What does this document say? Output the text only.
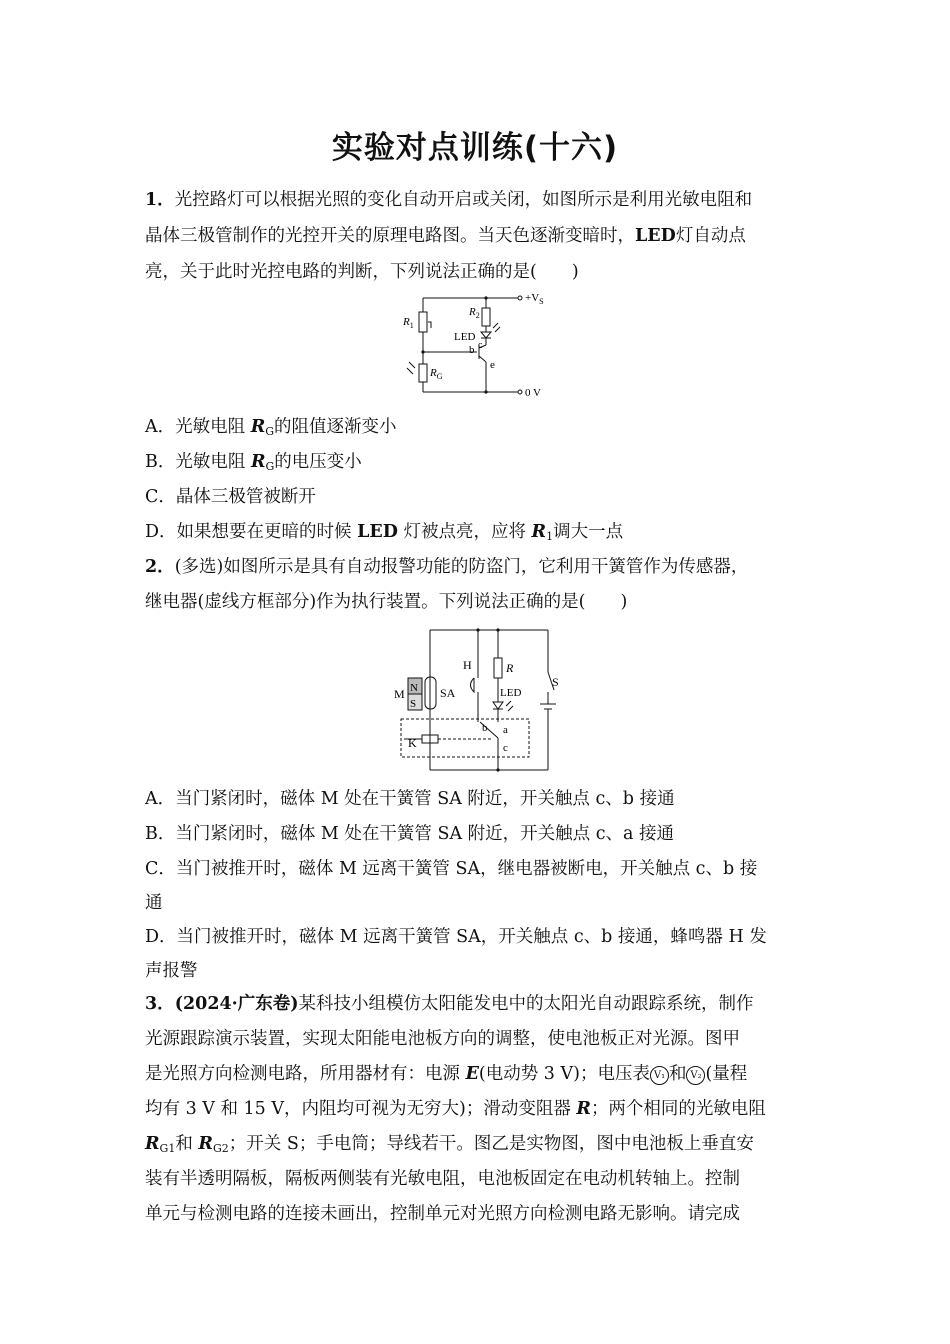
实验对点训练(十六)
1．光控路灯可以根据光照的变化自动开启或关闭，如图所示是利用光敏电阻和
晶体三极管制作的光控开关的原理电路图。当天色逐渐变暗时，LED灯自动点
亮，关于此时光控电路的判断，下列说法正确的是(　　)
$+V_S$
$R_1$
$R_2$
LED
b c
e
$R_G$
0 V
A．光敏电阻 $R_G$的阻值逐渐变小
B．光敏电阻 $R_G$的电压变小
C．晶体三极管被断开
D．如果想要在更暗的时候 LED 灯被点亮，应将 $R_1$调大一点
2．(多选)如图所示是具有自动报警功能的防盗门，它利用干簧管作为传感器，
继电器(虚线方框部分)作为执行装置。下列说法正确的是(　　)
M N
S
SA
H	R
LED
S
K
a
b
c
A．当门紧闭时，磁体 M 处在干簧管 SA 附近，开关触点 c、b 接通
B．当门紧闭时，磁体 M 处在干簧管 SA 附近，开关触点 c、a 接通
C．当门被推开时，磁体 M 远离干簧管 SA，继电器被断电，开关触点 c、b 接
通
D．当门被推开时，磁体 M 远离干簧管 SA，开关触点 c、b 接通，蜂鸣器 H 发
声报警
3．(2024·广东卷)某科技小组模仿太阳能发电中的太阳光自动跟踪系统，制作
光源跟踪演示装置，实现太阳能电池板方向的调整，使电池板正对光源。图甲
是光照方向检测电路，所用器材有：电源 E(电动势 3 V)；电压表 V₁ 和 V₂ (量程
均有 3 V 和 15 V，内阻均可视为无穷大)；滑动变阻器 R；两个相同的光敏电阻
$R_{G1}$和 $R_{G2}$；开关 S；手电筒；导线若干。图乙是实物图，图中电池板上垂直安
装有半透明隔板，隔板两侧装有光敏电阻，电池板固定在电动机转轴上。控制
单元与检测电路的连接未画出，控制单元对光照方向检测电路无影响。请完成
